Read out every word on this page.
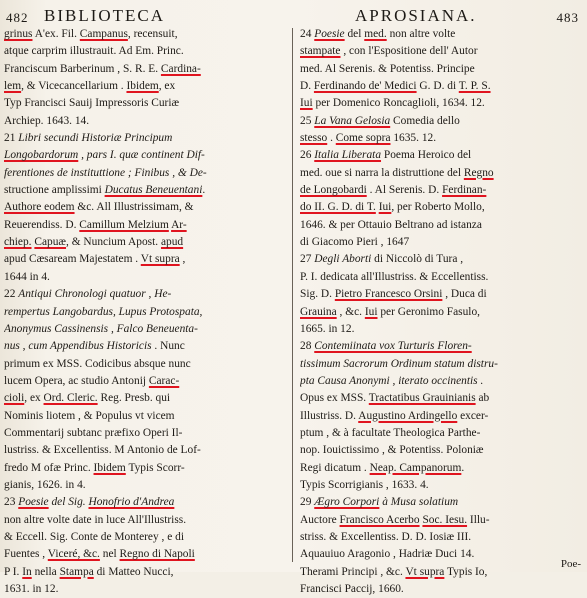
482 BIBLIOTECA	APROSIANA.	483
grinus A'ex. Fil. Campanus, recensuit,
atque carprim illustrauit. Ad Em. Princ.
Franciscum Barberinum , S. R. E. Cardina-
lem, & Vicecancellarium . Ibidem, ex
Typ Francisci Sauij Impressoris Curiæ
Archiep. 1643. 14.
21 Libri secundi Historiæ Principum
Longobardorum , pars I. quæ continent Dif-
ferentiones de instituttione ; Finibus , & De-
structione amplissimi Ducatus Beneuentani.
Authore eodem &c. All Illustrissimam, &
Reuerendiss. D. Camillum Melzium Ar-
chiep. Capuæ, & Nuncium Apost. apud
apud Cæsaream Majestatem . Vt supra ,
1644 in 4.
22 Antiqui Chronologi quatuor , He-
rempertus Langobardus, Lupus Protospata,
Anonymus Cassinensis , Falco Beneuenta-
nus , cum Appendibus Historicis . Nunc
primum ex MSS. Codicibus absque nunc
lucem Opera, ac studio Antonij Carac-
cioli, ex Ord. Cleric. Reg. Presb. qui
Nominis liotem , & Populus vt vicem
Commentarij subtanc præfixo Operi Il-
lustriss. & Excellentiss. M Antonio de Lof-
fredo M ofæ Princ. Ibidem Typis Scorr-
gianis, 1626. in 4.
23 Poesie del Sig. Honofrio d'Andrea
non altre volte date in luce All'Illustriss.
& Eccell. Sig. Conte de Monterey , e di
Fuentes , Viceré, &c. nel Regno di Napoli
P I. In nella Stampa di Matteo Nucci,
1631. in 12.
24 Poesie del med. non altre volte
stampate , con l'Espositione dell' Autor
med. Al Serenis. & Potentiss. Principe
D. Ferdinando de' Medici G. D. di T. P. S.
Iui per Domenico Roncaglioli, 1634. 12.
25 La Vana Gelosia Comedia dello
stesso . Come sopra 1635. 12.
26 Italia Liberata Poema Heroico del
med. oue si narra la distruttione del Regno
de Longobardi . Al Serenis. D. Ferdinan-
do II. G. D. di T. Iui, per Roberto Mollo,
1646. & per Ottauio Beltrano ad istanza
di Giacomo Pieri , 1647
27 Degli Aborti di Niccolò di Tura ,
P. I. dedicata all'Illustriss. & Eccellentiss.
Sig. D. Pietro Francesco Orsini , Duca di
Grauina , &c. Iui per Geronimo Fasulo,
1665. in 12.
28 Contemiinata vox Turturis Floren-
tissimum Sacrorum Ordinum statum distru-
pta Causa Anonymi , iterato occinentis .
Opus ex MSS. Tractatibus Grauinianis ab
Illustriss. D. Augustino Ardingello excer-
ptum , & à facultate Theologica Parthe-
nop. Iouictissimo , & Potentiss. Poloniæ
Regi dicatum . Neap. Campanorum.
Typis Scorrigianis , 1633. 4.
29 Ægro Corpori à Musa solatium
Auctore Francisco Acerbo Soc. Iesu. Illu-
striss. & Excellentiss. D. D. Iosiæ III.
Aquauiuo Aragonio , Hadriæ Duci 14.
Therami Principi , &c. Vt supra Typis Io,
Francisci Paccij, 1660.
Poe-
